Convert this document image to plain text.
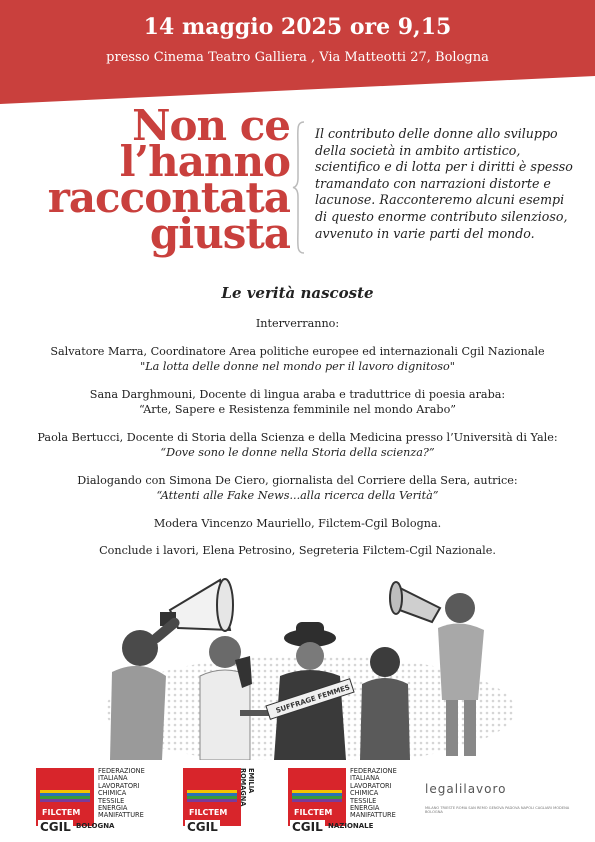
14 maggio 2025 ore 9,15
presso Cinema Teatro Galliera , Via Matteotti 27, Bologna
Non ce
l’hanno
raccontata
giusta
Il contributo delle donne allo sviluppo della società in ambito artistico, scientifico e di lotta per i diritti è spesso tramandato con narrazioni distorte e lacunose. Racconteremo alcuni esempi di questo enorme contributo silenzioso, avvenuto in varie parti del mondo.
Le verità nascoste

Interverranno:

Salvatore Marra, Coordinatore Area politiche europee ed internazionali Cgil Nazionale
"La lotta delle donne nel mondo per il lavoro dignitoso"

Sana Darghmouni, Docente di lingua araba e traduttrice di poesia araba:
“Arte, Sapere e Resistenza femminile nel mondo Arabo”

Paola Bertucci, Docente di Storia della Scienza e della Medicina presso l’Università di Yale:
“Dove sono le donne nella Storia della scienza?”

Dialogando con Simona De Ciero, giornalista del Corriere della Sera, autrice:
“Attenti alle Fake News...alla ricerca della Verità”

Modera Vincenzo Mauriello, Filctem-Cgil Bologna.

Conclude i lavori, Elena Petrosino, Segreteria Filctem-Cgil Nazionale.

SUFFRAGE FEMMES
FILCTEM
CGIL BOLOGNA
FEDERAZIONE
ITALIANA
LAVORATORI
CHIMICA
TESSILE
ENERGIA
MANIFATTURE	FILCTEM
CGIL
EMILIA ROMAGNA
FILCTEM
CGIL NAZIONALE
FEDERAZIONE
ITALIANA
LAVORATORI
CHIMICA
TESSILE
ENERGIA
MANIFATTURE
legalilavoro
MILANO TRIESTE ROMA SAN REMO GENOVA PADOVA NAPOLI CAGLIARI MODENA BOLOGNA
